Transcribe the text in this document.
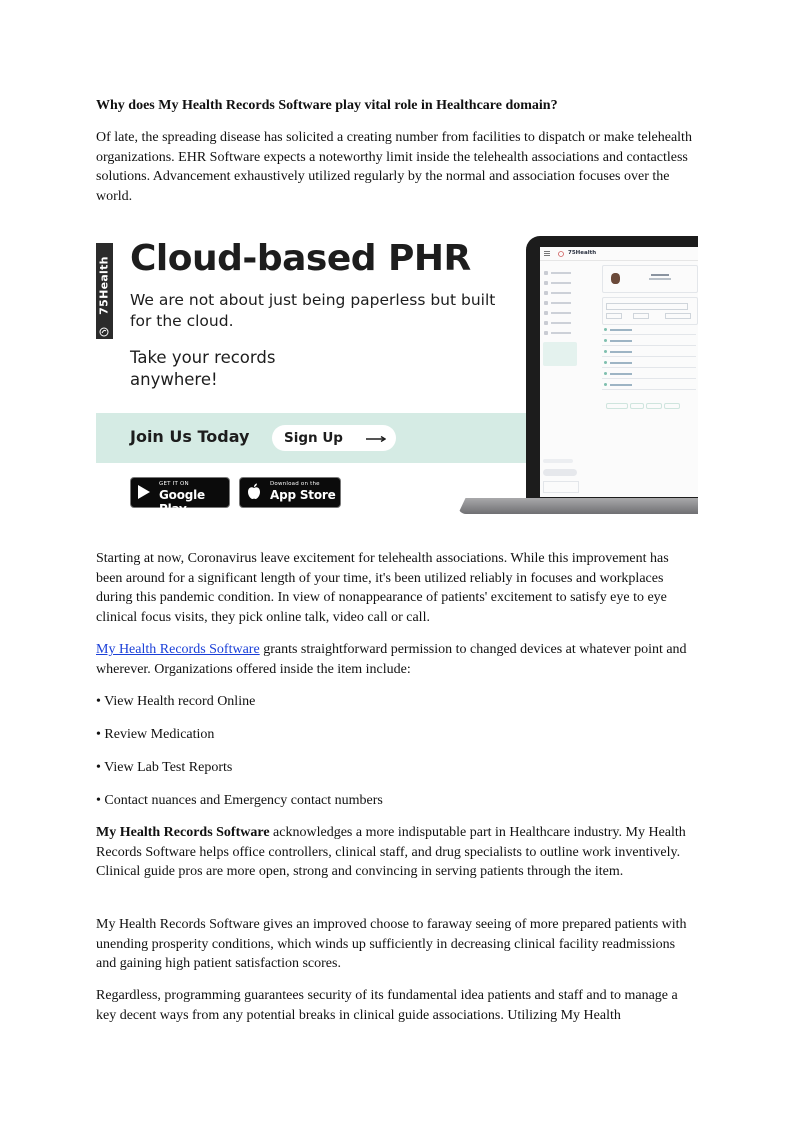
Why does My Health Records Software play vital role in Healthcare domain?

Of late, the spreading disease has solicited a creating number from facilities to dispatch or make telehealth organizations. EHR Software expects a noteworthy limit inside the telehealth associations and contactless solutions. Advancement exhaustively utilized regularly by the normal and association focuses over the world.

75Health Cloud-based PHR
We are not about just being paperless but built for the cloud.
Take your records anywhere!
Join Us Today	Sign Up
GET IT ON
Google Play
Download on the
App Store
75Health

Starting at now, Coronavirus leave excitement for telehealth associations. While this improvement has been around for a significant length of your time, it's been utilized reliably in focuses and workplaces during this pandemic condition. In view of nonappearance of patients' excitement to satisfy eye to eye clinical focus visits, they pick online talk, video call or call.

My Health Records Software grants straightforward permission to changed devices at whatever point and wherever. Organizations offered inside the item include:

• View Health record Online
• Review Medication
• View Lab Test Reports
• Contact nuances and Emergency contact numbers

My Health Records Software acknowledges a more indisputable part in Healthcare industry. My Health Records Software helps office controllers, clinical staff, and drug specialists to outline work inventively. Clinical guide pros are more open, strong and convincing in serving patients through the item.

My Health Records Software gives an improved choose to faraway seeing of more prepared patients with unending prosperity conditions, which winds up sufficiently in decreasing clinical facility readmissions and gaining high patient satisfaction scores.

Regardless, programming guarantees security of its fundamental idea patients and staff and to manage a key decent ways from any potential breaks in clinical guide associations. Utilizing My Health
